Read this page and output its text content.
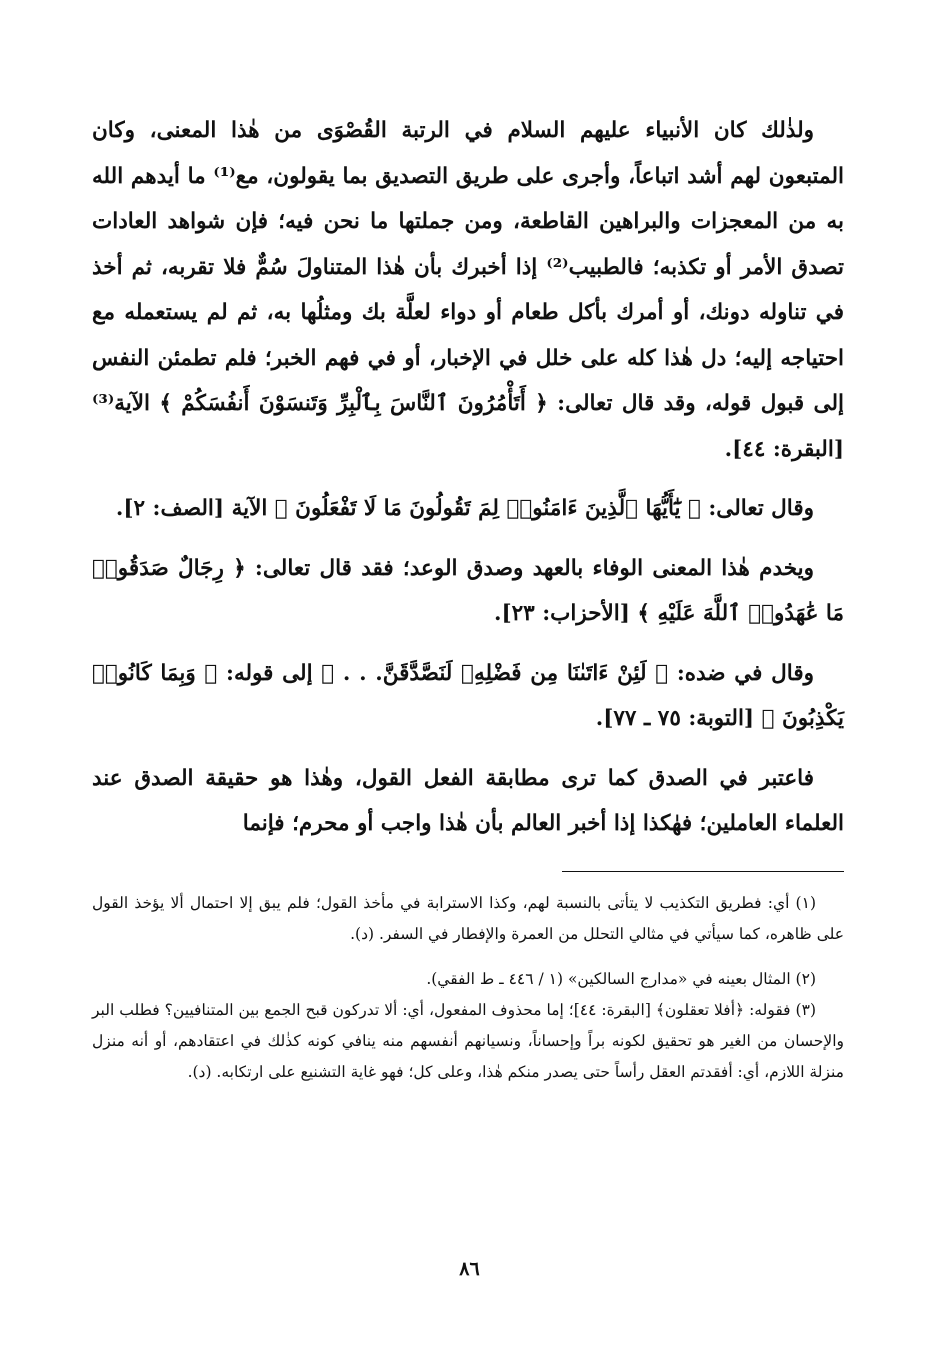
ولذٰلك كان الأنبياء عليهم السلام في الرتبة القُصْوَى من هٰذا المعنى، وكان المتبعون لهم أشد اتباعاً، وأجرى على طريق التصديق بما يقولون، مع⁽¹⁾ ما أيدهم الله به من المعجزات والبراهين القاطعة، ومن جملتها ما نحن فيه؛ فإن شواهد العادات تصدق الأمر أو تكذبه؛ فالطبيب⁽²⁾ إذا أخبرك بأن هٰذا المتناولَ سُمٌّ فلا تقربه، ثم أخذ في تناوله دونك، أو أمرك بأكل طعام أو دواء لعلَّة بك ومثلُها به، ثم لم يستعمله مع احتياجه إليه؛ دل هٰذا كله على خلل في الإخبار، أو في فهم الخبر؛ فلم تطمئن النفس إلى قبول قوله، وقد قال تعالى: ﴿ أَتَأْمُرُونَ ٱلنَّاسَ بِٱلْبِرِّ وَتَنسَوْنَ أَنفُسَكُمْ ﴾ الآية⁽³⁾ [البقرة: ٤٤].

وقال تعالى: ﴿ يَٰٓأَيُّهَا ٱلَّذِينَ ءَامَنُوا۟ لِمَ تَقُولُونَ مَا لَا تَفْعَلُونَ ﴾ الآية [الصف: ٢].

ويخدم هٰذا المعنى الوفاء بالعهد وصدق الوعد؛ فقد قال تعالى: ﴿ رِجَالٌ صَدَقُوا۟ مَا عَٰهَدُوا۟ ٱللَّهَ عَلَيْهِ ﴾ [الأحزاب: ٢٣].

وقال في ضده: ﴿ لَئِنْ ءَاتَىٰنَا مِن فَضْلِهِۦ لَنَصَّدَّقَنَّ. . . ﴾ إلى قوله: ﴿ وَبِمَا كَانُوا۟ يَكْذِبُونَ ﴾ [التوبة: ٧٥ ـ ٧٧].

فاعتبر في الصدق كما ترى مطابقة الفعل القول، وهٰذا هو حقيقة الصدق عند العلماء العاملين؛ فهٰكذا إذا أخبر العالم بأن هٰذا واجب أو محرم؛ فإنما

(١) أي: فطريق التكذيب لا يتأتى بالنسبة لهم، وكذا الاسترابة في مأخذ القول؛ فلم يبق إلا احتمال ألا يؤخذ القول على ظاهره، كما سيأتي في مثالي التحلل من العمرة والإفطار في السفر. (د).

(٢) المثال بعينه في «مدارج السالكين» (١ / ٤٤٦ ـ ط الفقي).

(٣) فقوله: ﴿أفلا تعقلون﴾ [البقرة: ٤٤]؛ إما محذوف المفعول، أي: ألا تدركون قبح الجمع بين المتنافيين؟ فطلب البر والإحسان من الغير هو تحقيق لكونه براً وإحساناً، ونسيانهم أنفسهم منه ينافي كونه كذٰلك في اعتقادهم، أو أنه منزل منزلة اللازم، أي: أفقدتم العقل رأساً حتى يصدر منكم هٰذا، وعلى كل؛ فهو غاية التشنيع على ارتكابه. (د).

٨٦
